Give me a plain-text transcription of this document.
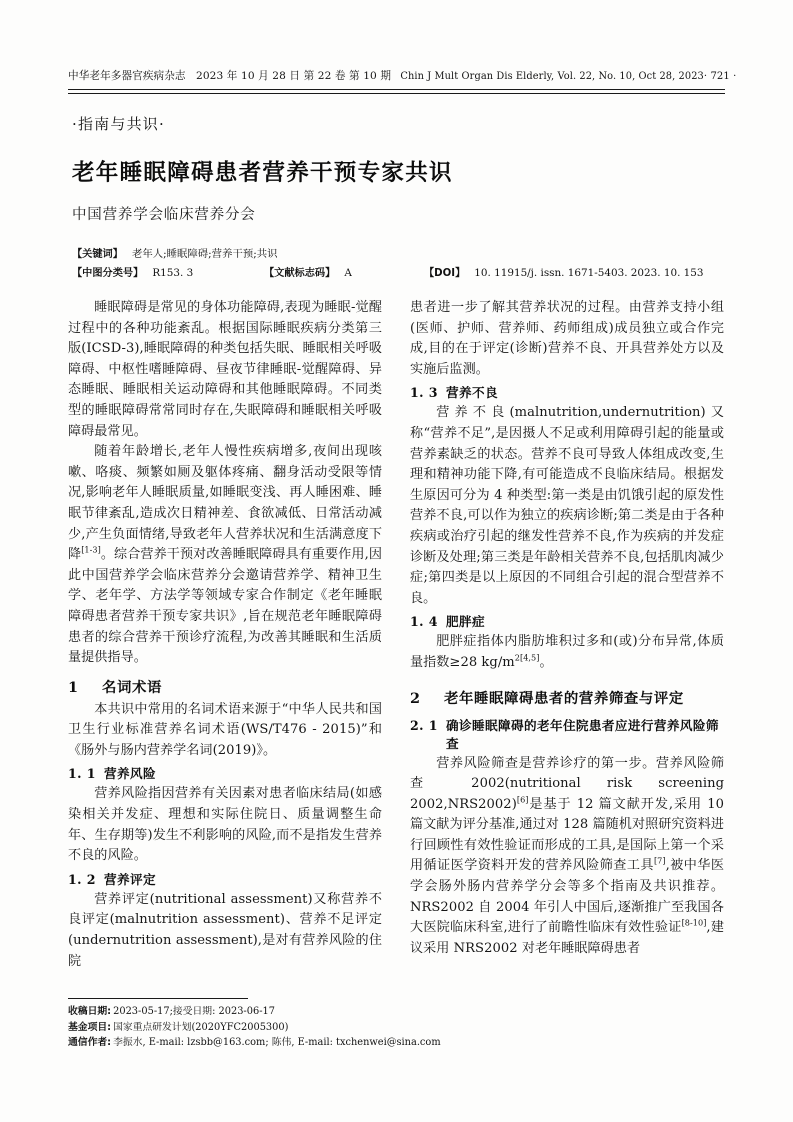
中华老年多器官疾病杂志 2023 年 10 月 28 日 第 22 卷 第 10 期 Chin J Mult Organ Dis Elderly, Vol. 22, No. 10, Oct 28, 2023 · 721 ·
·指南与共识·
老年睡眠障碍患者营养干预专家共识
中国营养学会临床营养分会
【关键词】 老年人;睡眠障碍;营养干预;共识
【中图分类号】 R153. 3	【文献标志码】 A	【DOI】 10. 11915/j. issn. 1671-5403. 2023. 10. 153

睡眠障碍是常见的身体功能障碍,表现为睡眠-觉醒过程中的各种功能紊乱。根据国际睡眠疾病分类第三版(ICSD-3),睡眠障碍的种类包括失眠、睡眠相关呼吸障碍、中枢性嗜睡障碍、昼夜节律睡眠-觉醒障碍、异态睡眠、睡眠相关运动障碍和其他睡眠障碍。不同类型的睡眠障碍常常同时存在,失眠障碍和睡眠相关呼吸障碍最常见。

随着年龄增长,老年人慢性疾病增多,夜间出现咳嗽、咯痰、频繁如厕及躯体疼痛、翻身活动受限等情况,影响老年人睡眠质量,如睡眠变浅、再人睡困难、睡眠节律紊乱,造成次日精神差、食欲减低、日常活动减少,产生负面情绪,导致老年人营养状况和生活满意度下降[1-3]。综合营养干预对改善睡眠障碍具有重要作用,因此中国营养学会临床营养分会邀请营养学、精神卫生学、老年学、方法学等领域专家合作制定《老年睡眠障碍患者营养干预专家共识》,旨在规范老年睡眠障碍患者的综合营养干预诊疗流程,为改善其睡眠和生活质量提供指导。

1	名词术语

本共识中常用的名词术语来源于“中华人民共和国卫生行业标准营养名词术语(WS/T476 - 2015)”和《肠外与肠内营养学名词(2019)》。

1. 1 营养风险

营养风险指因营养有关因素对患者临床结局(如感染相关并发症、理想和实际住院日、质量调整生命年、生存期等)发生不利影响的风险,而不是指发生营养不良的风险。

1. 2 营养评定

营养评定(nutritional assessment)又称营养不良评定(malnutrition assessment)、营养不足评定(undernutrition assessment),是对有营养风险的住院

患者进一步了解其营养状况的过程。由营养支持小组(医师、护师、营养师、药师组成)成员独立或合作完成,目的在于评定(诊断)营养不良、开具营养处方以及实施后监测。

1. 3 营养不良

营养不良(malnutrition,undernutrition)又称“营养不足”,是因摄人不足或利用障碍引起的能量或营养素缺乏的状态。营养不良可导致人体组成改变,生理和精神功能下降,有可能造成不良临床结局。根据发生原因可分为 4 种类型:第一类是由饥饿引起的原发性营养不良,可以作为独立的疾病诊断;第二类是由于各种疾病或治疗引起的继发性营养不良,作为疾病的并发症诊断及处理;第三类是年龄相关营养不良,包括肌肉减少症;第四类是以上原因的不同组合引起的混合型营养不良。

1. 4 肥胖症

肥胖症指体内脂肪堆积过多和(或)分布异常,体质量指数≥28 $kg/m^{2[4,5]}$。

2	老年睡眠障碍患者的营养筛查与评定
2. 1 确诊睡眠障碍的老年住院患者应进行营养风险筛查

营养风险筛查是营养诊疗的第一步。营养风险筛查 2002(nutritional risk screening 2002,NRS2002)[6]是基于 12 篇文献开发,采用 10 篇文献为评分基准,通过对 128 篇随机对照研究资料进行回顾性有效性验证而形成的工具,是国际上第一个采用循证医学资料开发的营养风险筛查工具[7],被中华医学会肠外肠内营养学分会等多个指南及共识推荐。NRS2002 自 2004 年引人中国后,逐渐推广至我国各大医院临床科室,进行了前瞻性临床有效性验证[8-10],建议采用 NRS2002 对老年睡眠障碍患者

收稿日期: 2023-05-17;接受日期: 2023-06-17
基金项目: 国家重点研发计划(2020YFC2005300)
通信作者: 李振水, E-mail: lzsbb@163.com; 陈伟, E-mail: txchenwei@sina.com
